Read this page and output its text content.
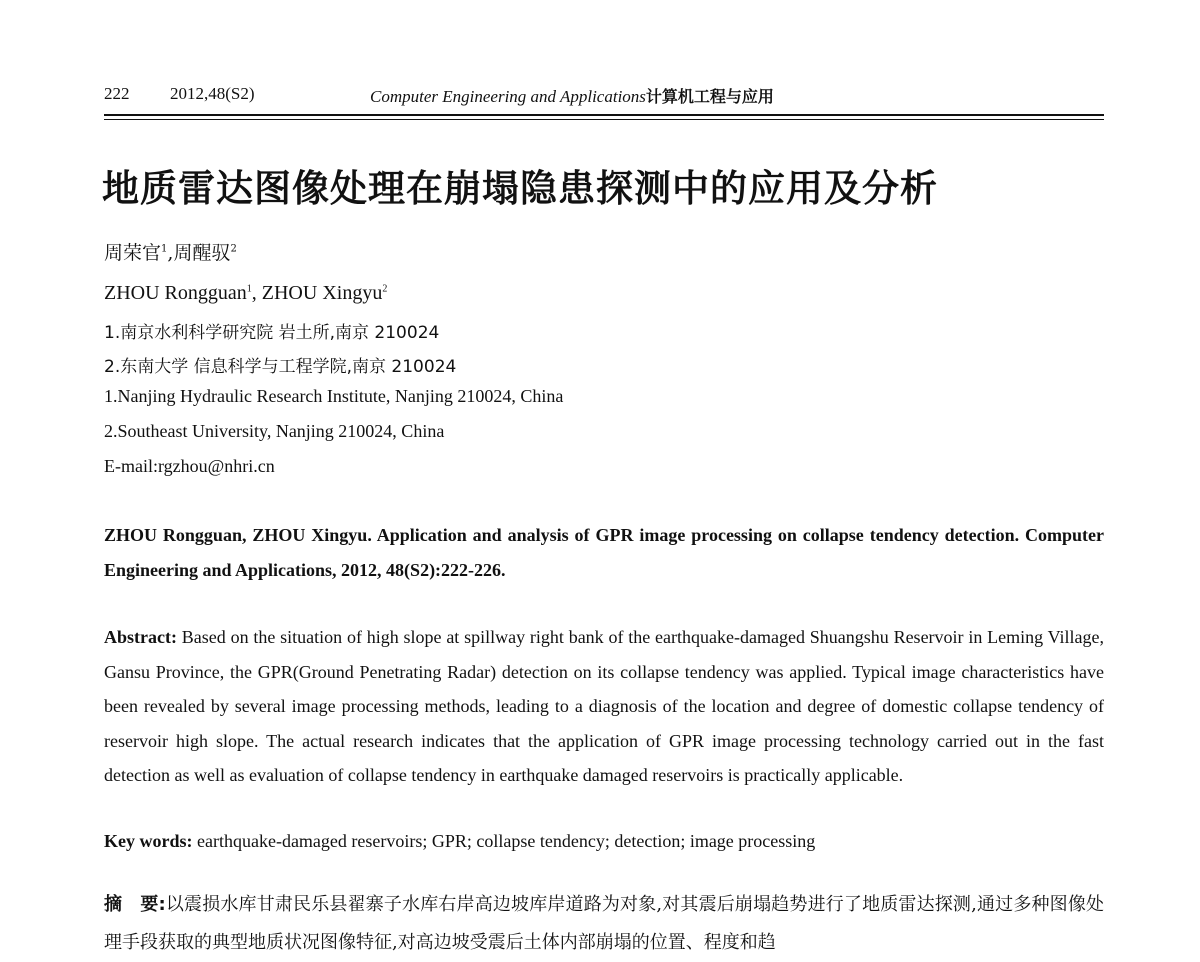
222 2012,48(S2)	Computer Engineering and Applications计算机工程与应用
地质雷达图像处理在崩塌隐患探测中的应用及分析
周荣官$^1$,周醒驭$^2$
ZHOU Rongguan$^1$, ZHOU Xingyu$^2$
1.南京水利科学研究院 岩土所,南京 210024
2.东南大学 信息科学与工程学院,南京 210024
1.Nanjing Hydraulic Research Institute, Nanjing 210024, China
2.Southeast University, Nanjing 210024, China
E-mail:rgzhou@nhri.cn
ZHOU Rongguan, ZHOU Xingyu. Application and analysis of GPR image processing on collapse tendency detection. Computer Engineering and Applications, 2012, 48(S2):222-226.
Abstract: Based on the situation of high slope at spillway right bank of the earthquake-damaged Shuangshu Reservoir in Leming Village, Gansu Province, the GPR(Ground Penetrating Radar) detection on its collapse tendency was applied. Typical image characteristics have been revealed by several image processing methods, leading to a diagnosis of the location and degree of domestic collapse tendency of reservoir high slope. The actual research indicates that the application of GPR image processing technology carried out in the fast detection as well as evaluation of collapse tendency in earthquake damaged reservoirs is practically applicable.
Key words: earthquake-damaged reservoirs; GPR; collapse tendency; detection; image processing
摘　要:以震损水库甘肃民乐县翟寨子水库右岸高边坡库岸道路为对象,对其震后崩塌趋势进行了地质雷达探测,通过多种图像处理手段获取的典型地质状况图像特征,对高边坡受震后土体内部崩塌的位置、程度和趋
